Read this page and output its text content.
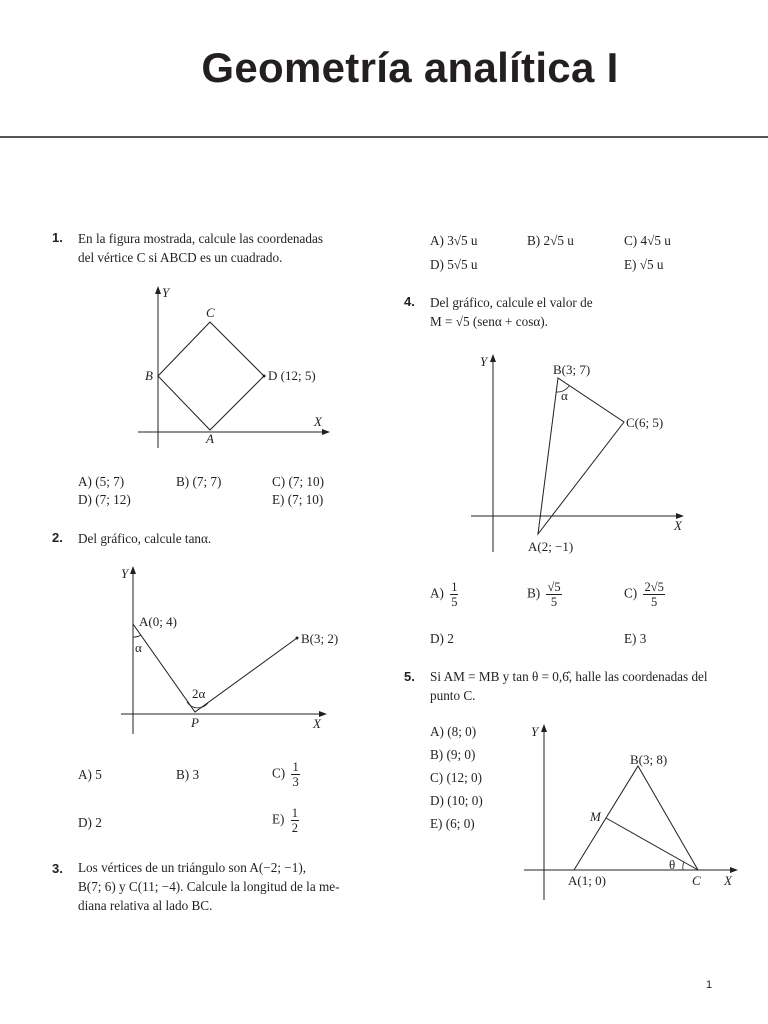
Geometría analítica I
1. En la figura mostrada, calcule las coordenadas
del vértice C si ABCD es un cuadrado.
Y
X
A
B
C
D (12; 5)
A) (5; 7)	B) (7; 7)	C) (7; 10)
D) (7; 12)	E) (7; 10)
2. Del gráfico, calcule tanα.
Y
X
A(0; 4)
B(3; 2)
P
α
2α
A) 5	B) 3	$C) \frac{1}{3}$
D) 2	$E) \frac{1}{2}$
3. Los vértices de un triángulo son A(−2; −1),
B(7; 6) y C(11; −4). Calcule la longitud de la me-
diana relativa al lado BC.
A) 3√5 u	B) 2√5 u	C) 4√5 u
D) 5√5 u	E) √5 u
4. Del gráfico, calcule el valor de
M = √5 (senα + cosα).
Y
X
A(2; −1)
B(3; 7)
C(6; 5)
α
$A) \frac{1}{5}$	$B) \frac{√5}{5}$	$C) \frac{2√5}{5}$
D) 2	E) 3
5. Si AM = MB y tan θ = 0,6̂, halle las coordenadas del
punto C.
A) (8; 0)
B) (9; 0)
C) (12; 0)
D) (10; 0)
E) (6; 0)
Y
X
A(1; 0)
B(3; 8)
C
M
θ
1
